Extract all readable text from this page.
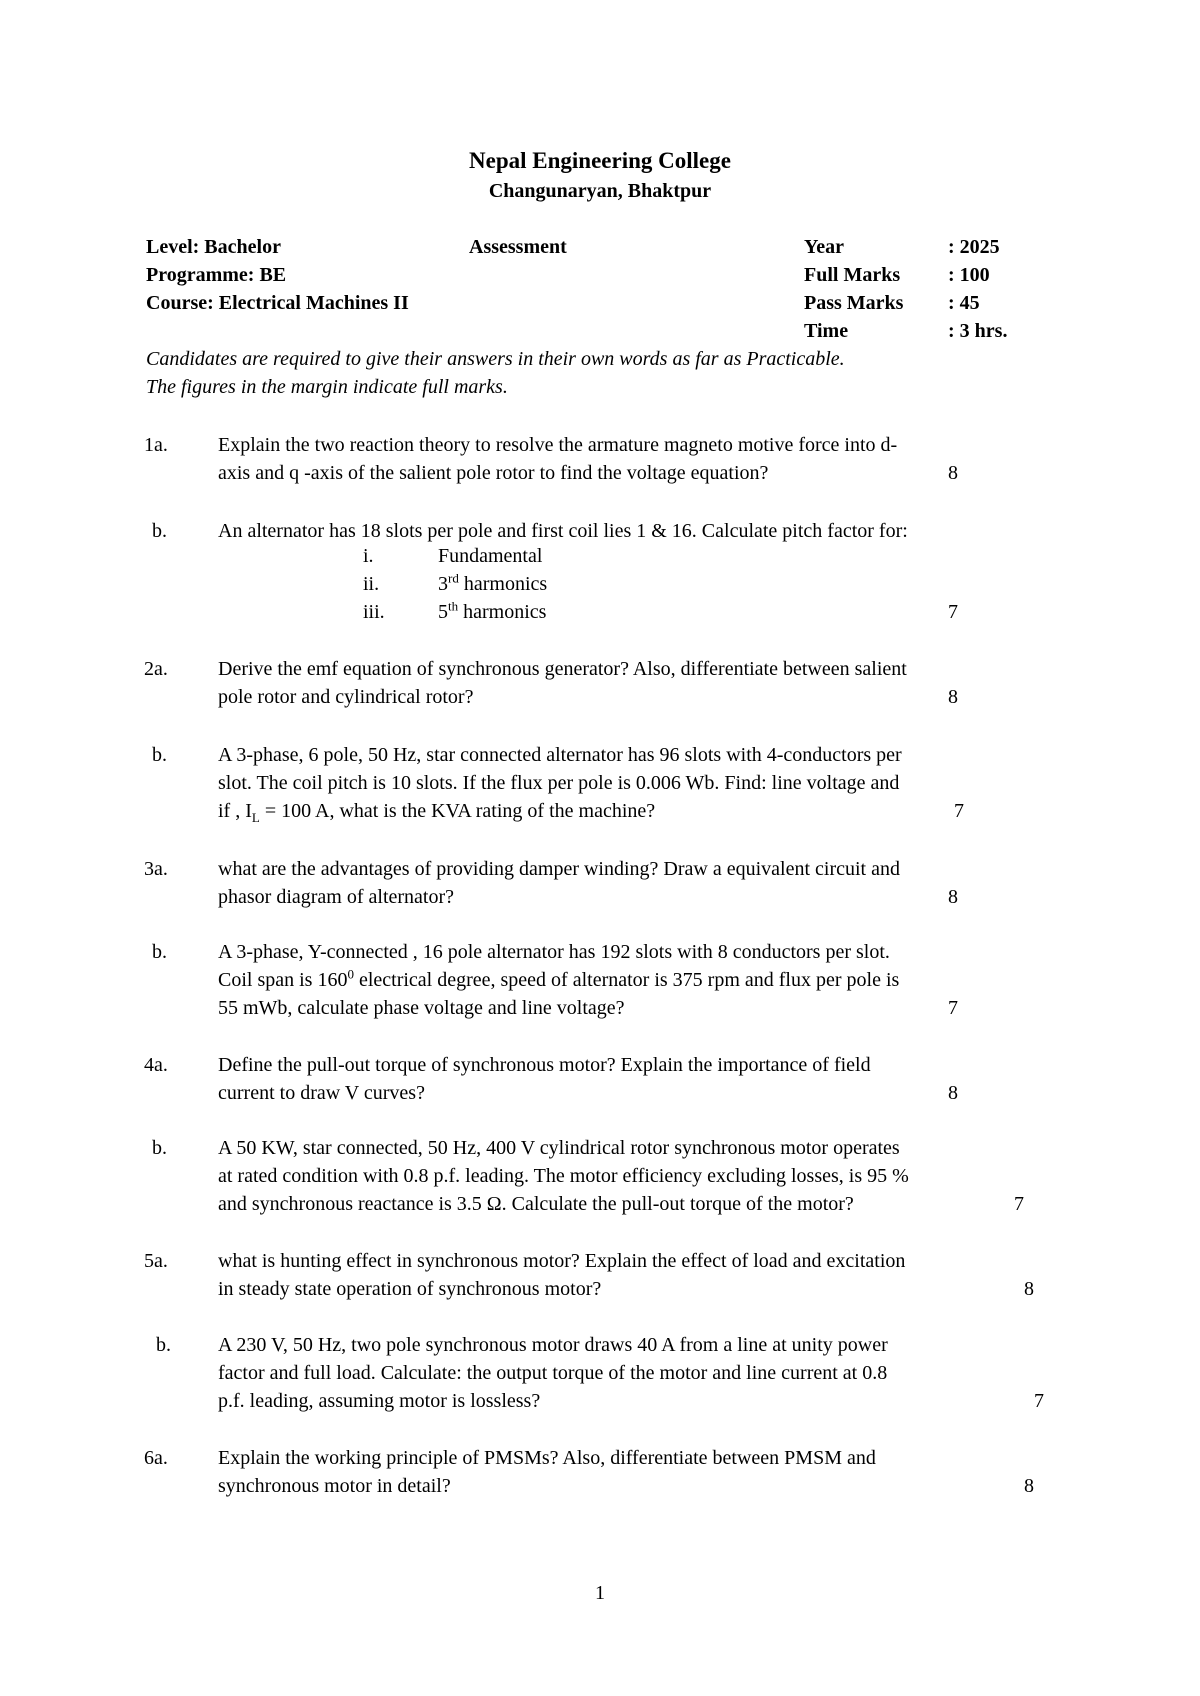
Nepal Engineering College
Changunaryan, Bhaktpur
Level: Bachelor	Assessment
Programme: BE
Course: Electrical Machines II
Year	: 2025
Full Marks : 100
Pass Marks : 45
Time	: 3 hrs.
Candidates are required to give their answers in their own words as far as Practicable.
The figures in the margin indicate full marks.
1a.	Explain the two reaction theory to resolve the armature magneto motive force into d-
axis and q -axis of the salient pole rotor to find the voltage equation?	8
b.	An alternator has 18 slots per pole and first coil lies 1 & 16. Calculate pitch factor for:
i.	Fundamental
ii.	3rd harmonics
iii.	5th harmonics	7
2a.	Derive the emf equation of synchronous generator? Also, differentiate between salient
pole rotor and cylindrical rotor?	8
b.	A 3-phase, 6 pole, 50 Hz, star connected alternator has 96 slots with 4-conductors per
slot. The coil pitch is 10 slots. If the flux per pole is 0.006 Wb. Find: line voltage and
if , $I_L = 100$ A, what is the KVA rating of the machine?	7
3a.	what are the advantages of providing damper winding? Draw a equivalent circuit and
phasor diagram of alternator?	8
b.	A 3-phase, Y-connected , 16 pole alternator has 192 slots with 8 conductors per slot.
Coil span is $160^0$ electrical degree, speed of alternator is 375 rpm and flux per pole is
55 mWb, calculate phase voltage and line voltage?	7
4a.	Define the pull-out torque of synchronous motor? Explain the importance of field
current to draw V curves?	8
b.	A 50 KW, star connected, 50 Hz, 400 V cylindrical rotor synchronous motor operates
at rated condition with 0.8 p.f. leading. The motor efficiency excluding losses, is 95 %
and synchronous reactance is 3.5 Ω. Calculate the pull-out torque of the motor?	7
5a.	what is hunting effect in synchronous motor? Explain the effect of load and excitation
in steady state operation of synchronous motor?	8
b.	A 230 V, 50 Hz, two pole synchronous motor draws 40 A from a line at unity power
factor and full load. Calculate: the output torque of the motor and line current at 0.8
p.f. leading, assuming motor is lossless?	7
6a.	Explain the working principle of PMSMs? Also, differentiate between PMSM and
synchronous motor in detail?	8
1
